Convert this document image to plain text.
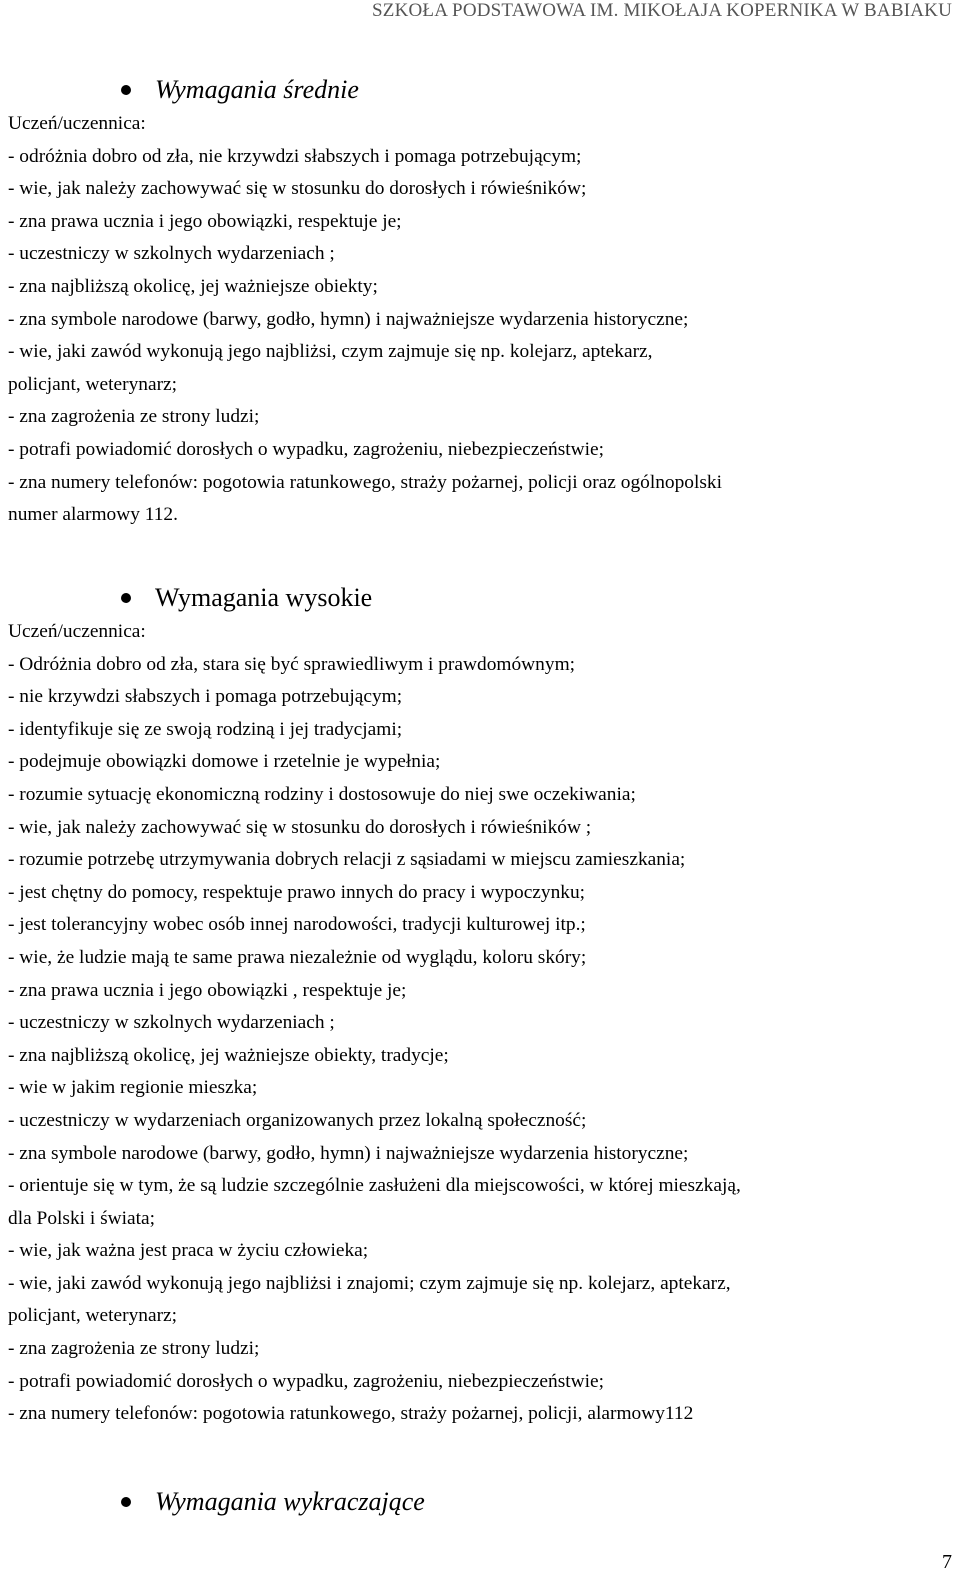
SZKOŁA PODSTAWOWA IM. MIKOŁAJA KOPERNIKA W BABIAKU
Wymagania średnie
Uczeń/uczennica:
- odróżnia dobro od zła, nie krzywdzi słabszych i pomaga potrzebującym;
- wie, jak należy zachowywać się w stosunku do dorosłych i rówieśników;
- zna prawa ucznia i jego obowiązki, respektuje je;
- uczestniczy w szkolnych wydarzeniach ;
- zna najbliższą okolicę, jej ważniejsze obiekty;
- zna symbole narodowe (barwy, godło, hymn) i najważniejsze wydarzenia historyczne;
- wie, jaki zawód wykonują jego najbliżsi, czym zajmuje się np. kolejarz, aptekarz,
policjant, weterynarz;
- zna zagrożenia ze strony ludzi;
- potrafi powiadomić dorosłych o wypadku, zagrożeniu, niebezpieczeństwie;
- zna numery telefonów: pogotowia ratunkowego, straży pożarnej, policji oraz ogólnopolski
numer alarmowy 112.
Wymagania wysokie
Uczeń/uczennica:
- Odróżnia dobro od zła, stara się być sprawiedliwym i prawdomównym;
- nie krzywdzi słabszych i pomaga potrzebującym;
- identyfikuje się ze swoją rodziną i jej tradycjami;
- podejmuje obowiązki domowe i rzetelnie je wypełnia;
- rozumie sytuację ekonomiczną rodziny i dostosowuje do niej swe oczekiwania;
- wie, jak należy zachowywać się w stosunku do dorosłych i rówieśników ;
- rozumie potrzebę utrzymywania dobrych relacji z sąsiadami w miejscu zamieszkania;
- jest chętny do pomocy, respektuje prawo innych do pracy i wypoczynku;
- jest tolerancyjny wobec osób innej narodowości, tradycji kulturowej itp.;
- wie, że ludzie mają te same prawa niezależnie od wyglądu, koloru skóry;
- zna prawa ucznia i jego obowiązki , respektuje je;
- uczestniczy w szkolnych wydarzeniach ;
- zna najbliższą okolicę, jej ważniejsze obiekty, tradycje;
- wie w jakim regionie mieszka;
- uczestniczy w wydarzeniach organizowanych przez lokalną społeczność;
- zna symbole narodowe (barwy, godło, hymn) i najważniejsze wydarzenia historyczne;
- orientuje się w tym, że są ludzie szczególnie zasłużeni dla miejscowości, w której mieszkają,
dla Polski i świata;
- wie, jak ważna jest praca w życiu człowieka;
- wie, jaki zawód wykonują jego najbliżsi i znajomi; czym zajmuje się np. kolejarz, aptekarz,
policjant, weterynarz;
- zna zagrożenia ze strony ludzi;
- potrafi powiadomić dorosłych o wypadku, zagrożeniu, niebezpieczeństwie;
- zna numery telefonów: pogotowia ratunkowego, straży pożarnej, policji, alarmowy112
Wymagania wykraczające
7
